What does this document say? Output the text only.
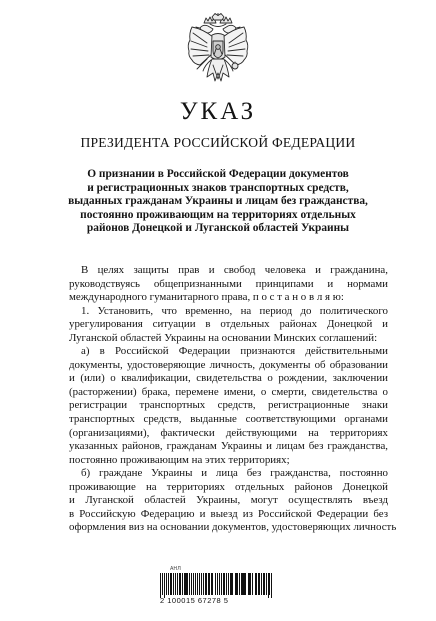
УКАЗ
ПРЕЗИДЕНТА РОССИЙСКОЙ ФЕДЕРАЦИИ
О признании в Российской Федерации документов
и регистрационных знаков транспортных средств,
выданных гражданам Украины и лицам без гражданства,
постоянно проживающим на территориях отдельных
районов Донецкой и Луганской областей Украины
В целях защиты прав и свобод человека и гражданина,
руководствуясь общепризнанными принципами и нормами
международного гуманитарного права, п о с т а н о в л я ю:
1. Установить, что временно, на период до политического
урегулирования ситуации в отдельных районах Донецкой и
Луганской областей Украины на основании Минских соглашений:
а) в Российской Федерации признаются действительными
документы, удостоверяющие личность, документы об образовании
и (или) о квалификации, свидетельства о рождении, заключении
(расторжении) брака, перемене имени, о смерти, свидетельства о
регистрации транспортных средств, регистрационные знаки
транспортных средств, выданные соответствующими органами
(организациями), фактически действующими на территориях
указанных районов, гражданам Украины и лицам без гражданства,
постоянно проживающим на этих территориях;
б) граждане Украины и лица без гражданства, постоянно
проживающие на территориях отдельных районов Донецкой
и Луганской областей Украины, могут осуществлять въезд
в Российскую Федерацию и выезд из Российской Федерации без
оформления виз на основании документов, удостоверяющих личность
АНЛ
2 100015 67278 5
